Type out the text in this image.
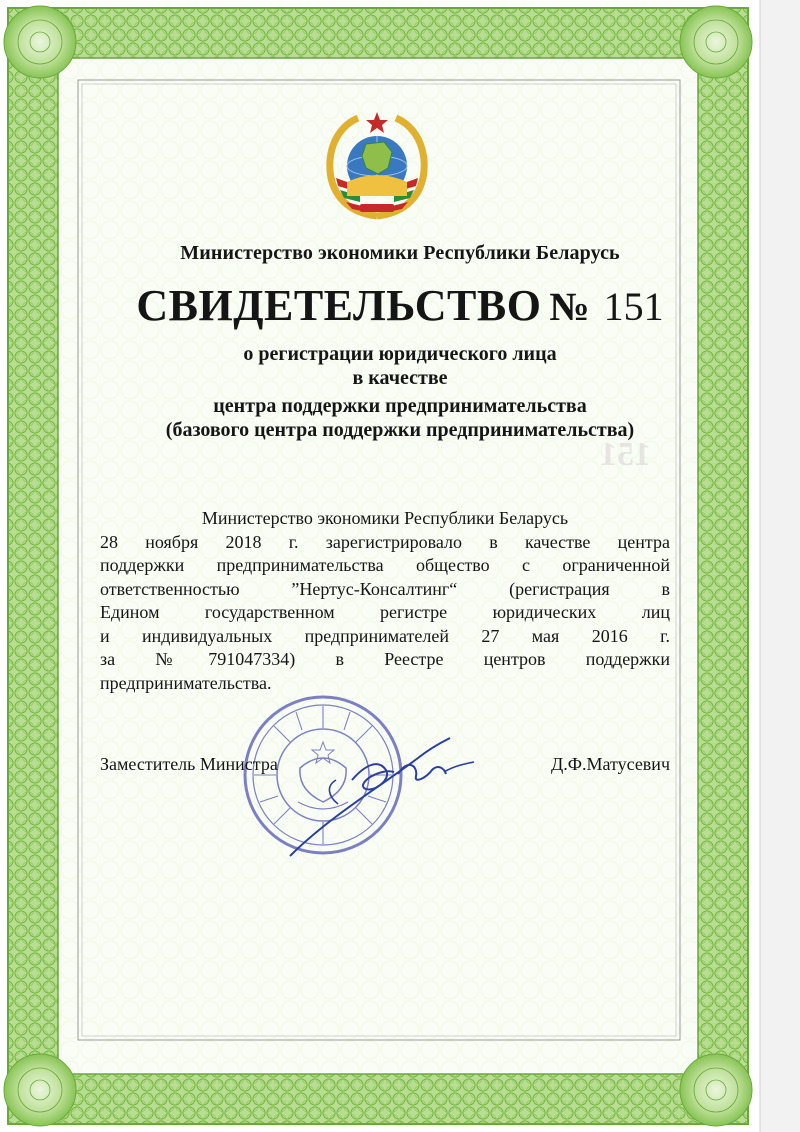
Министерство экономики Республики Беларусь
СВИДЕТЕЛЬСТВО № 151
о регистрации юридического лица
в качестве
центра поддержки предпринимательства
(базового центра поддержки предпринимательства)
151
Министерство экономики Республики Беларусь
28 ноября 2018 г. зарегистрировало в качестве центра
поддержки предпринимательства общество с ограниченной
ответственностью ”Нертус-Консалтинг“ (регистрация в
Едином государственном регистре юридических лиц
и индивидуальных предпринимателей 27 мая 2016 г.
за №791047334) в Реестре центров поддержки
предпринимательства.
Заместитель Министра	Д.Ф.Матусевич
